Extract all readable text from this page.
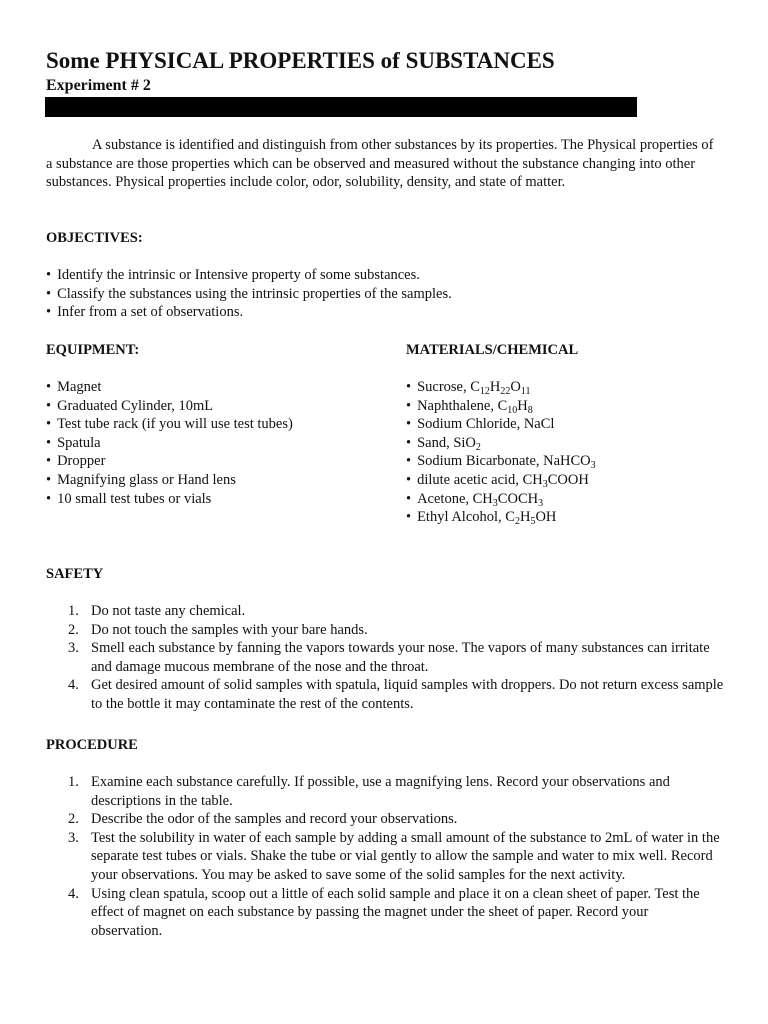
Some PHYSICAL PROPERTIES of SUBSTANCES
Experiment # 2

A substance is identified and distinguish from other substances by its properties. The Physical properties of a substance are those properties which can be observed and measured without the substance changing into other substances. Physical properties include color, odor, solubility, density, and state of matter.

OBJECTIVES:
• Identify the intrinsic or Intensive property of some substances.
• Classify the substances using the intrinsic properties of the samples.
• Infer from a set of observations.
EQUIPMENT:
• Magnet
• Graduated Cylinder, 10mL
• Test tube rack (if you will use test tubes)
• Spatula
• Dropper
• Magnifying glass or Hand lens
• 10 small test tubes or vials
MATERIALS/CHEMICAL
• Sucrose, $C_{12}H_{22}O_{11}$
• Naphthalene, $C_{10}H_8$
• Sodium Chloride, NaCl
• Sand, SiO$_2$
• Sodium Bicarbonate, NaHCO$_3$
• dilute acetic acid, $CH_3COOH$
• Acetone, $CH_3COCH_3$
• Ethyl Alcohol, $C_2H_5OH$
SAFETY
1. Do not taste any chemical.
2. Do not touch the samples with your bare hands.
3. Smell each substance by fanning the vapors towards your nose. The vapors of many substances can irritate and damage mucous membrane of the nose and the throat.
4. Get desired amount of solid samples with spatula, liquid samples with droppers. Do not return excess sample to the bottle it may contaminate the rest of the contents.
PROCEDURE
1. Examine each substance carefully. If possible, use a magnifying lens. Record your observations and descriptions in the table.
2. Describe the odor of the samples and record your observations.
3. Test the solubility in water of each sample by adding a small amount of the substance to 2mL of water in the separate test tubes or vials. Shake the tube or vial gently to allow the sample and water to mix well. Record your observations. You may be asked to save some of the solid samples for the next activity.
4. Using clean spatula, scoop out a little of each solid sample and place it on a clean sheet of paper. Test the effect of magnet on each substance by passing the magnet under the sheet of paper. Record your observation.
